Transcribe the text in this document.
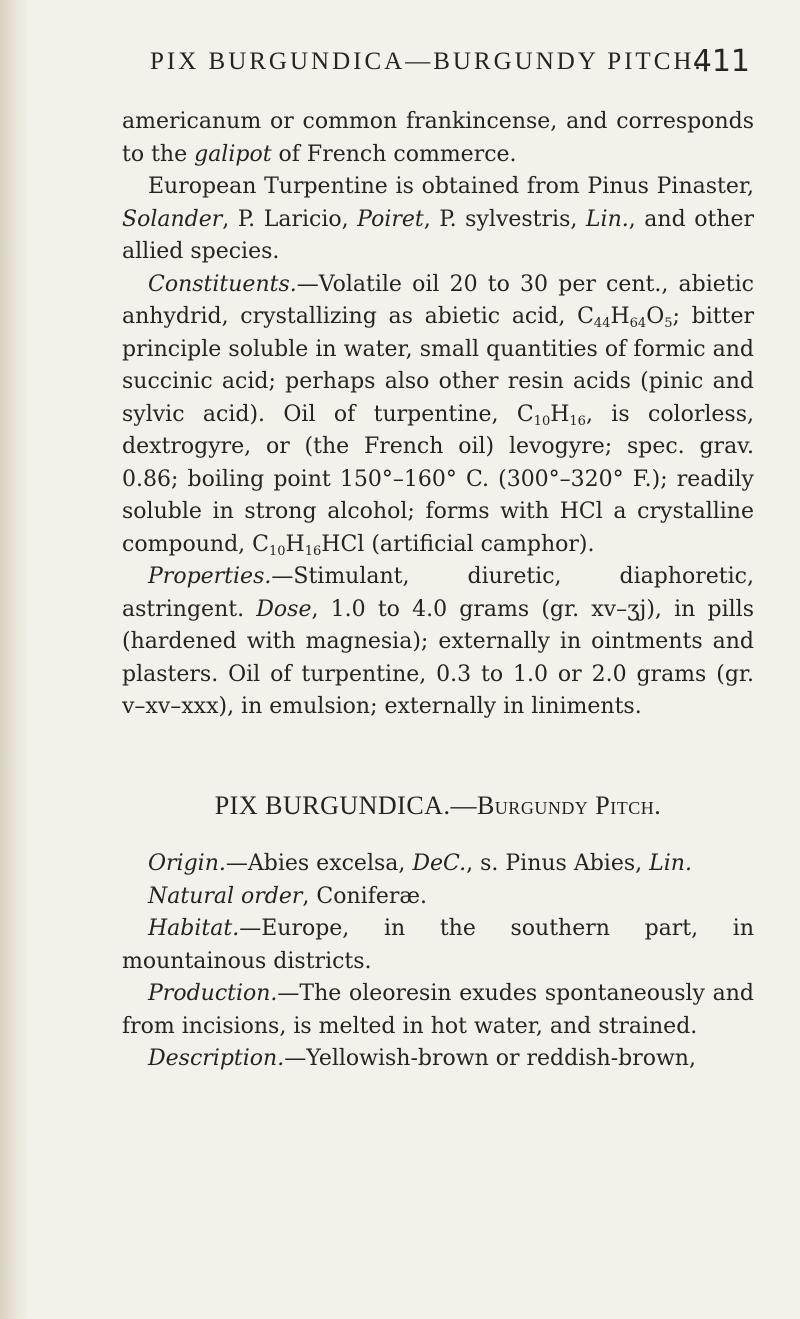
PIX BURGUNDICA—BURGUNDY PITCH.
411

americanum or common frankincense, and corresponds to the galipot of French commerce.

European Turpentine is obtained from Pinus Pinaster, Solander, P. Laricio, Poiret, P. sylvestris, Lin., and other allied species.

Constituents.—Volatile oil 20 to 30 per cent., abietic anhydrid, crystallizing as abietic acid, $C_{44}H_{64}O_5$; bitter principle soluble in water, small quantities of formic and succinic acid; perhaps also other resin acids (pinic and sylvic acid). Oil of turpentine, $C_{10}H_{16}$, is colorless, dextrogyre, or (the French oil) levogyre; spec. grav. 0.86; boiling point 150°–160° C. (300°–320° F.); readily soluble in strong alcohol; forms with HCl a crystalline compound, $C_{10}H_{16}HCl$ (artificial camphor).

Properties.—Stimulant, diuretic, diaphoretic, astringent. Dose, 1.0 to 4.0 grams (gr. xv–ʒj), in pills (hardened with magnesia); externally in ointments and plasters. Oil of turpentine, 0.3 to 1.0 or 2.0 grams (gr. v–xv–xxx), in emulsion; externally in liniments.

PIX BURGUNDICA.—Burgundy Pitch.

Origin.—Abies excelsa, DeC., s. Pinus Abies, Lin.

Natural order, Coniferæ.

Habitat.—Europe, in the southern part, in mountainous districts.

Production.—The oleoresin exudes spontaneously and from incisions, is melted in hot water, and strained.

Description.—Yellowish-brown or reddish-brown,
